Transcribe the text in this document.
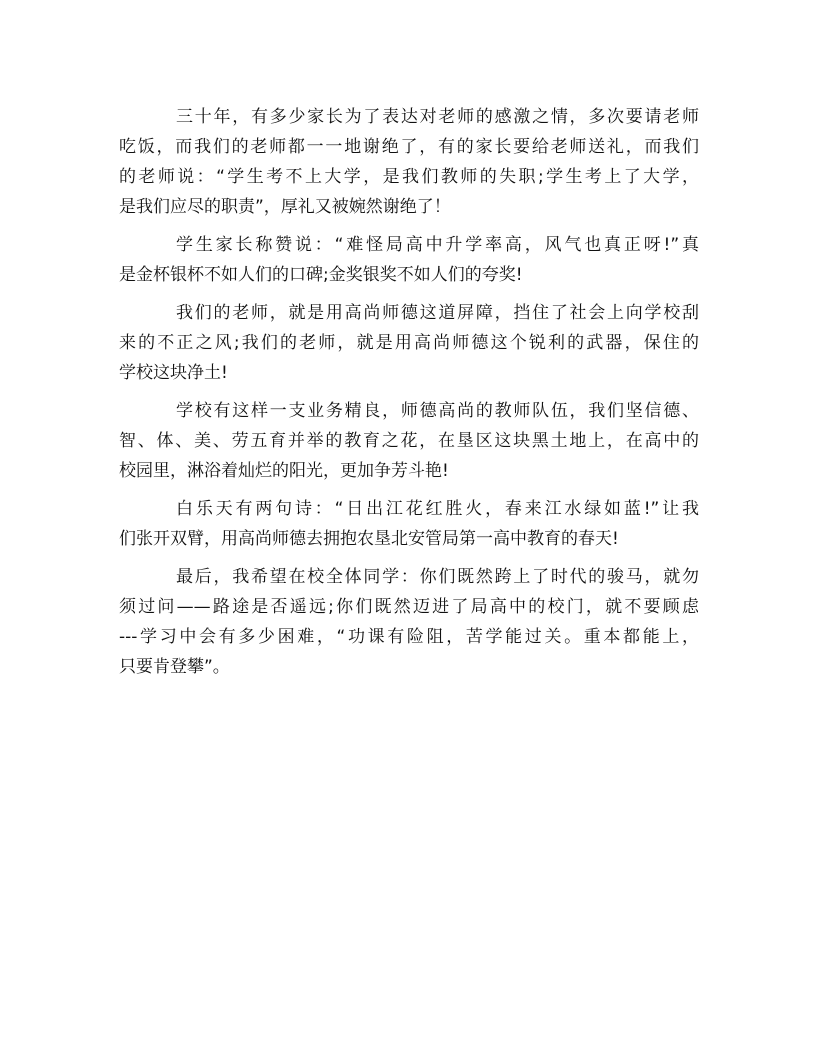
三十年，有多少家长为了表达对老师的感激之情，多次要请老师
吃饭，而我们的老师都一一地谢绝了，有的家长要给老师送礼，而我们
的老师说：“学生考不上大学，是我们教师的失职;学生考上了大学，
是我们应尽的职责”，厚礼又被婉然谢绝了！

学生家长称赞说：“难怪局高中升学率高，风气也真正呀!”真
是金杯银杯不如人们的口碑;金奖银奖不如人们的夸奖!

我们的老师，就是用高尚师德这道屏障，挡住了社会上向学校刮
来的不正之风;我们的老师，就是用高尚师德这个锐利的武器，保住的
学校这块净土!

学校有这样一支业务精良，师德高尚的教师队伍，我们坚信德、
智、体、美、劳五育并举的教育之花，在垦区这块黑土地上，在高中的
校园里，淋浴着灿烂的阳光，更加争芳斗艳!

白乐天有两句诗：“日出江花红胜火，春来江水绿如蓝!”让我
们张开双臂，用高尚师德去拥抱农垦北安管局第一高中教育的春天!

最后，我希望在校全体同学：你们既然跨上了时代的骏马，就勿
须过问——路途是否遥远;你们既然迈进了局高中的校门，就不要顾虑
---学习中会有多少困难，“功课有险阻，苦学能过关。重本都能上，
只要肯登攀”。
